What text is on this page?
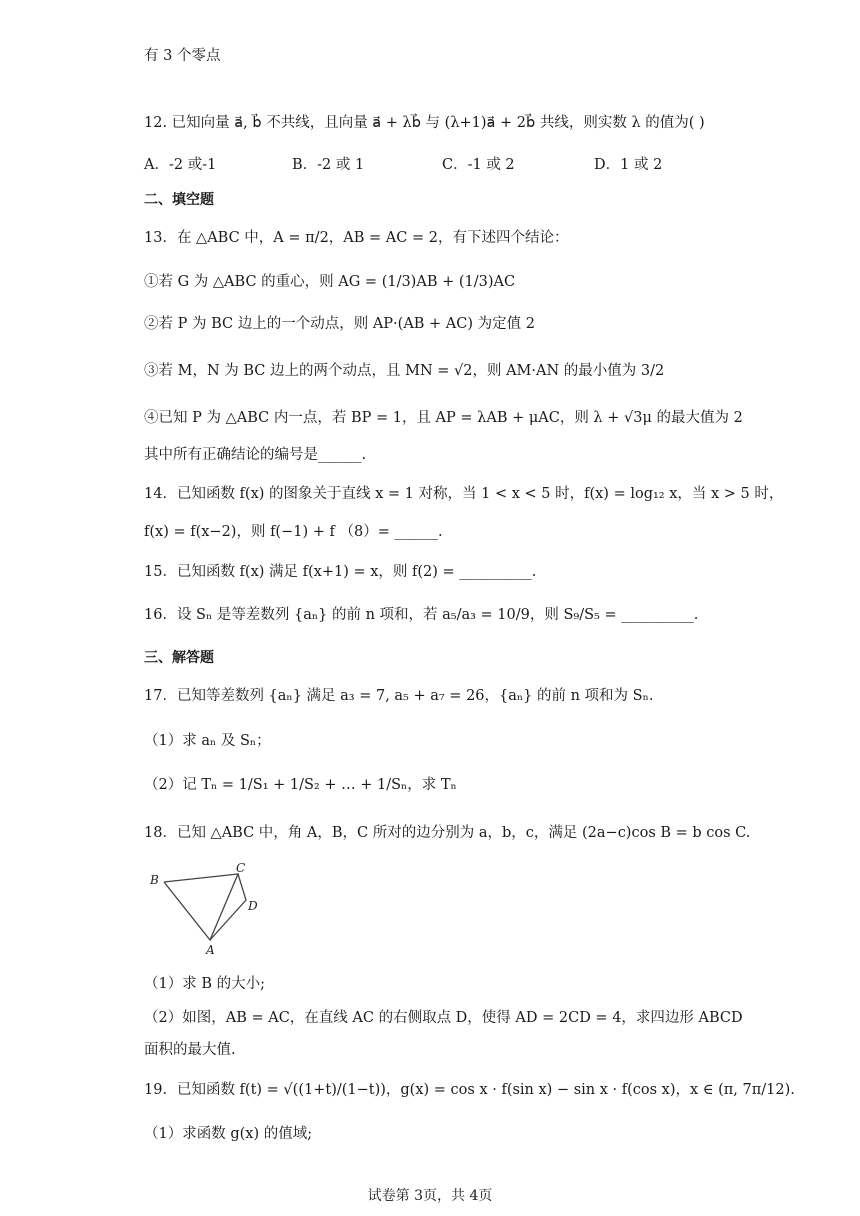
有 3 个零点
12. 已知向量 a⃗, b⃗ 不共线，且向量 a⃗ + λb⃗ 与 (λ+1)a⃗ + 2b⃗ 共线，则实数 λ 的值为( )
A．-2 或-1	B．-2 或 1	C．-1 或 2	D．1 或 2
二、填空题
13．在 △ABC 中，A = π/2，AB = AC = 2，有下述四个结论：
①若 G 为 △ABC 的重心，则 AG = (1/3)AB + (1/3)AC
②若 P 为 BC 边上的一个动点，则 AP·(AB + AC) 为定值 2
③若 M，N 为 BC 边上的两个动点，且 MN = √2，则 AM·AN 的最小值为 3/2
④已知 P 为 △ABC 内一点，若 BP = 1，且 AP = λAB + μAC，则 λ + √3μ 的最大值为 2
其中所有正确结论的编号是______.
14．已知函数 f(x) 的图象关于直线 x = 1 对称，当 1 < x < 5 时，f(x) = log₁₂ x，当 x > 5 时，
f(x) = f(x−2)，则 f(−1) + f （8）= ______.
15．已知函数 f(x) 满足 f(x+1) = x，则 f(2) = __________.
16．设 Sₙ 是等差数列 {aₙ} 的前 n 项和，若 a₅/a₃ = 10/9，则 S₉/S₅ = __________.
三、解答题
17．已知等差数列 {aₙ} 满足 a₃ = 7, a₅ + a₇ = 26，{aₙ} 的前 n 项和为 Sₙ.
（1）求 aₙ 及 Sₙ；
（2）记 Tₙ = 1/S₁ + 1/S₂ + … + 1/Sₙ，求 Tₙ
18．已知 △ABC 中，角 A，B，C 所对的边分别为 a，b，c，满足 (2a−c)cos B = b cos C.
B
C
D
A
（1）求 B 的大小;
（2）如图，AB = AC，在直线 AC 的右侧取点 D，使得 AD = 2CD = 4，求四边形 ABCD
面积的最大值.
19．已知函数 f(t) = √((1+t)/(1−t))，g(x) = cos x · f(sin x) − sin x · f(cos x)，x ∈ (π, 7π/12).
（1）求函数 g(x) 的值域;
试卷第 3页，共 4页
